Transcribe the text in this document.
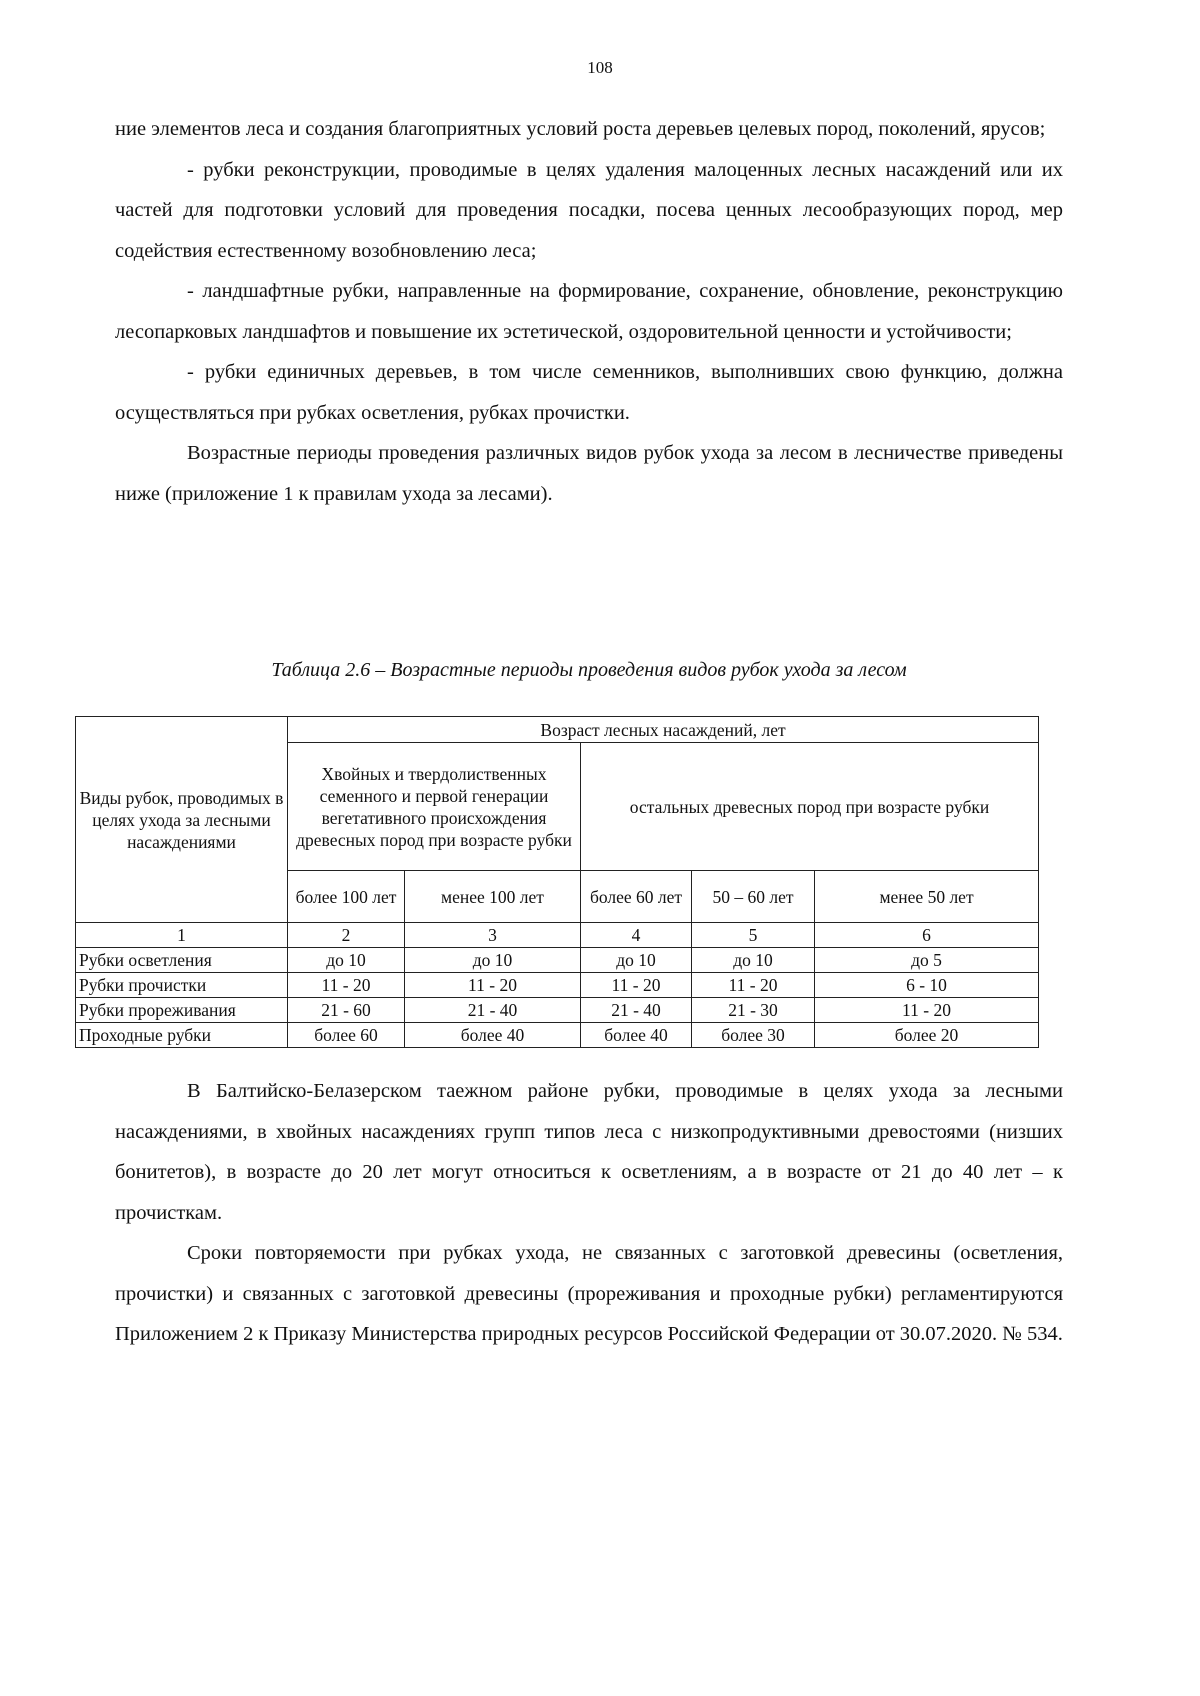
108

ние элементов леса и создания благоприятных условий роста деревьев целевых пород, поколений, ярусов;

- рубки реконструкции, проводимые в целях удаления малоценных лесных насаждений или их частей для подготовки условий для проведения посадки, посева ценных лесообразующих пород, мер содействия естественному возобновлению леса;

- ландшафтные рубки, направленные на формирование, сохранение, обновление, реконструкцию лесопарковых ландшафтов и повышение их эстетической, оздоровительной ценности и устойчивости;

- рубки единичных деревьев, в том числе семенников, выполнивших свою функцию, должна осуществляться при рубках осветления, рубках прочистки.

Возрастные периоды проведения различных видов рубок ухода за лесом в лесничестве приведены ниже (приложение 1 к правилам ухода за лесами).

Таблица 2.6 – Возрастные периоды проведения видов рубок ухода за лесом
Виды рубок, проводимых в целях ухода за лесными насаждениями	Возраст лесных насаждений, лет				
	Хвойных и твердолиственных семенного и первой генерации вегетативного происхождения древесных пород при возрасте рубки		остальных древесных пород при возрасте рубки		
	более 100 лет	менее 100 лет	более 60 лет	50 – 60 лет	менее 50 лет
1	2	3	4	5	6
Рубки осветления	до 10	до 10	до 10	до 10	до 5
Рубки прочистки	11 - 20	11 - 20	11 - 20	11 - 20	6 - 10
Рубки прореживания	21 - 60	21 - 40	21 - 40	21 - 30	11 - 20
Проходные рубки	более 60	более 40	более 40	более 30	более 20

В Балтийско-Белазерском таежном районе рубки, проводимые в целях ухода за лесными насаждениями, в хвойных насаждениях групп типов леса с низкопродуктивными древостоями (низших бонитетов), в возрасте до 20 лет могут относиться к осветлениям, а в возрасте от 21 до 40 лет – к прочисткам.

Сроки повторяемости при рубках ухода, не связанных с заготовкой древесины (осветления, прочистки) и связанных с заготовкой древесины (прореживания и проходные рубки) регламентируются Приложением 2 к Приказу Министерства природных ресурсов Российской Федерации от 30.07.2020. № 534.
